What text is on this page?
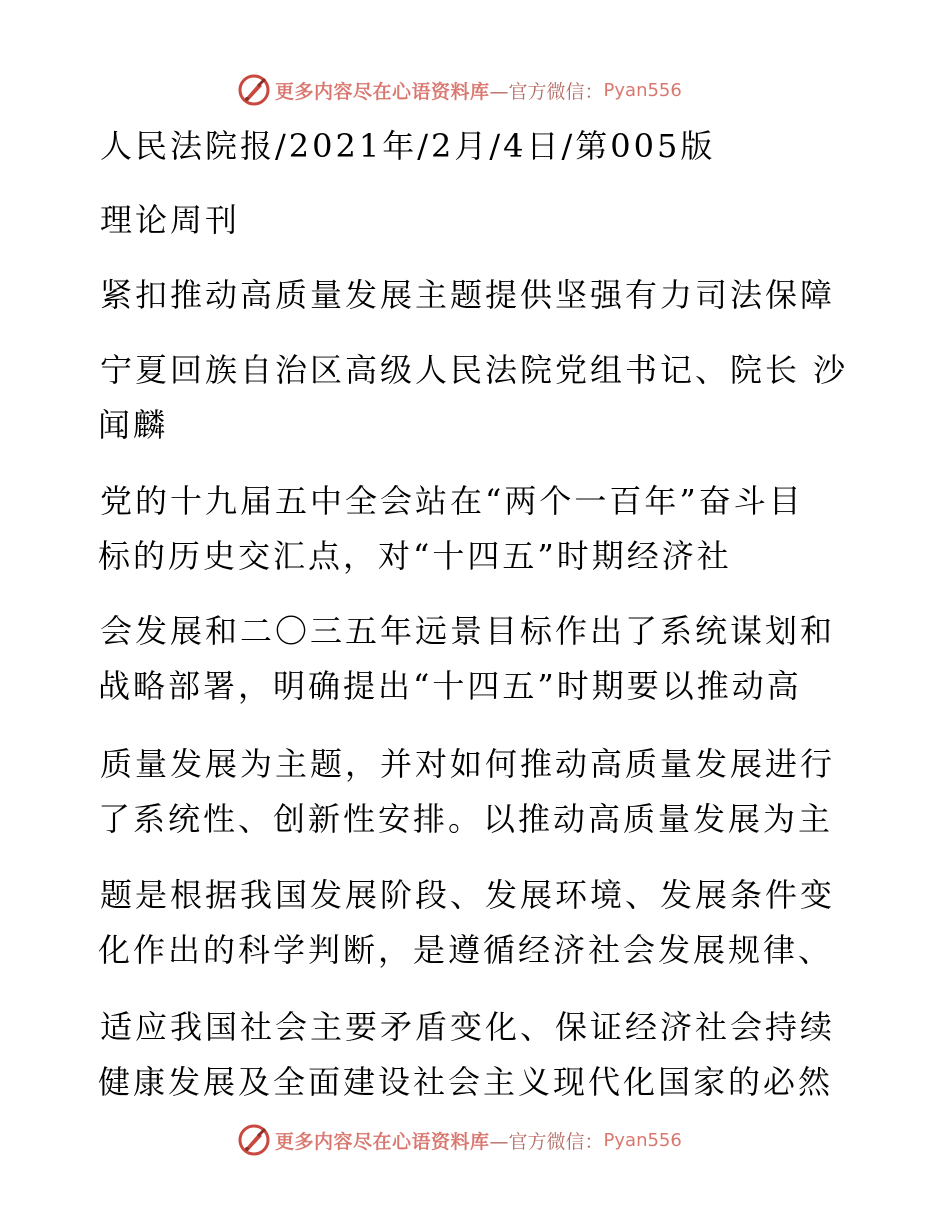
更多内容尽在心语资料库 —官方微信： Pyan556
人民法院报/2021年/2月/4日/第005版
理论周刊
紧扣推动高质量发展主题提供坚强有力司法保障
宁夏回族自治区高级人民法院党组书记、院长 沙
闻麟
党的十九届五中全会站在“两个一百年”奋斗目
标的历史交汇点，对“十四五”时期经济社
会发展和二〇三五年远景目标作出了系统谋划和
战略部署，明确提出“十四五”时期要以推动高
质量发展为主题，并对如何推动高质量发展进行
了系统性、创新性安排。以推动高质量发展为主
题是根据我国发展阶段、发展环境、发展条件变
化作出的科学判断，是遵循经济社会发展规律、
适应我国社会主要矛盾变化、保证经济社会持续
健康发展及全面建设社会主义现代化国家的必然
更多内容尽在心语资料库 —官方微信： Pyan556
